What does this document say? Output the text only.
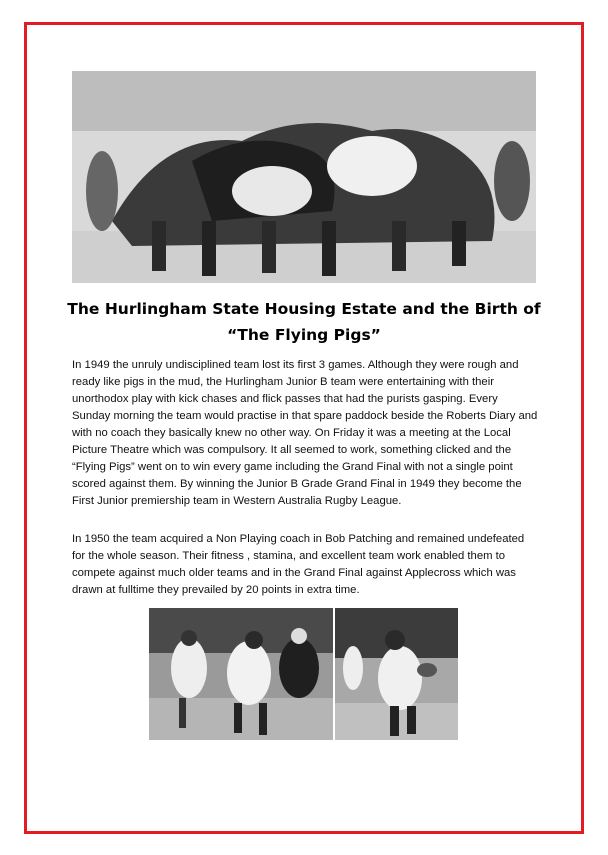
The Hurlingham State Housing Estate and the Birth of “The Flying Pigs”

In 1949 the unruly undisciplined team lost its first 3 games. Although they were rough and ready like pigs in the mud, the Hurlingham Junior B team were entertaining with their unorthodox play with kick chases and flick passes that had the purists gasping. Every Sunday morning the team would practise in that spare paddock beside the Roberts Diary and with no coach they basically knew no other way. On Friday it was a meeting at the Local Picture Theatre which was compulsory. It all seemed to work, something clicked and the “Flying Pigs” went on to win every game including the Grand Final with not a single point scored against them. By winning the Junior B Grade Grand Final in 1949 they become the First Junior premiership team in Western Australia Rugby League.

In 1950 the team acquired a Non Playing coach in Bob Patching and remained undefeated for the whole season. Their fitness , stamina, and excellent team work enabled them to compete against much older teams and in the Grand Final against Applecross which was drawn at fulltime they prevailed by 20 points in extra time.
